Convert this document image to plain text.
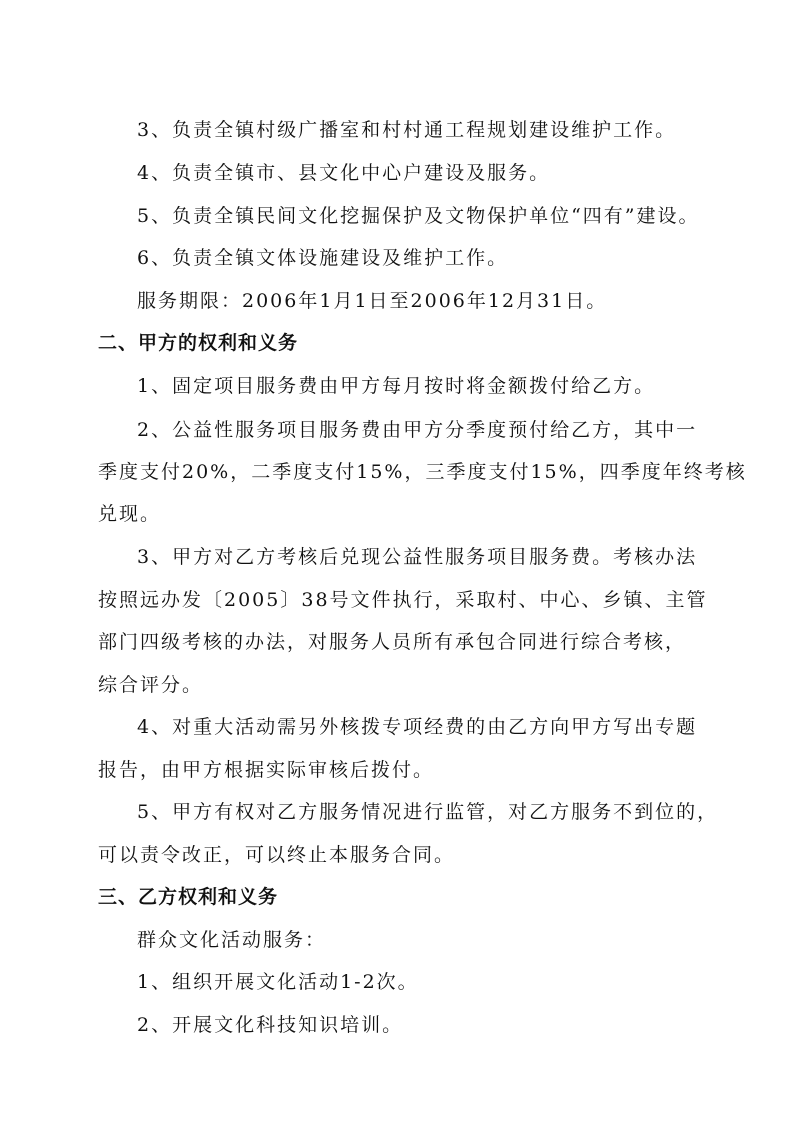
3、负责全镇村级广播室和村村通工程规划建设维护工作。
4、负责全镇市、县文化中心户建设及服务。
5、负责全镇民间文化挖掘保护及文物保护单位“四有”建设。
6、负责全镇文体设施建设及维护工作。
服务期限：2006年1月1日至2006年12月31日。
二、甲方的权利和义务
1、固定项目服务费由甲方每月按时将金额拨付给乙方。
2、公益性服务项目服务费由甲方分季度预付给乙方，其中一
季度支付20%，二季度支付15%，三季度支付15%，四季度年终考核
兑现。
3、甲方对乙方考核后兑现公益性服务项目服务费。考核办法
按照远办发〔2005〕38号文件执行，采取村、中心、乡镇、主管
部门四级考核的办法，对服务人员所有承包合同进行综合考核，
综合评分。
4、对重大活动需另外核拨专项经费的由乙方向甲方写出专题
报告，由甲方根据实际审核后拨付。
5、甲方有权对乙方服务情况进行监管，对乙方服务不到位的，
可以责令改正，可以终止本服务合同。
三、乙方权利和义务
群众文化活动服务：
1、组织开展文化活动1-2次。
2、开展文化科技知识培训。
